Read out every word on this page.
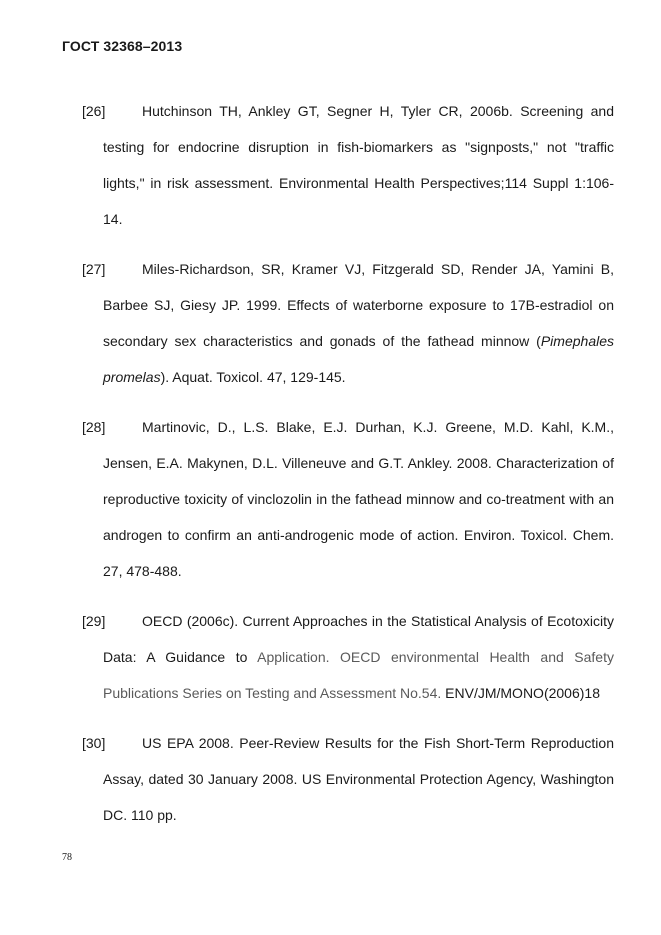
ГОСТ 32368–2013

[26]	Hutchinson TH, Ankley GT, Segner H, Tyler CR, 2006b. Screening and testing for endocrine disruption in fish-biomarkers as "signposts," not "traffic lights," in risk assessment. Environmental Health Perspectives;114 Suppl 1:106-14.

[27]	Miles-Richardson, SR, Kramer VJ, Fitzgerald SD, Render JA, Yamini B, Barbee SJ, Giesy JP. 1999. Effects of waterborne exposure to 17B-estradiol on secondary sex characteristics and gonads of the fathead minnow (Pimephales promelas). Aquat. Toxicol. 47, 129-145.

[28]	Martinovic, D., L.S. Blake, E.J. Durhan, K.J. Greene, M.D. Kahl, K.M., Jensen, E.A. Makynen, D.L. Villeneuve and G.T. Ankley. 2008. Characterization of reproductive toxicity of vinclozolin in the fathead minnow and co-treatment with an androgen to confirm an anti-androgenic mode of action. Environ. Toxicol. Chem. 27, 478-488.

[29]	OECD (2006c). Current Approaches in the Statistical Analysis of Ecotoxicity Data: A Guidance to Application. OECD environmental Health and Safety Publications Series on Testing and Assessment No.54. ENV/JM/MONO(2006)18

[30]	US EPA 2008. Peer-Review Results for the Fish Short-Term Reproduction Assay, dated 30 January 2008. US Environmental Protection Agency, Washington DC. 110 pp.

78
